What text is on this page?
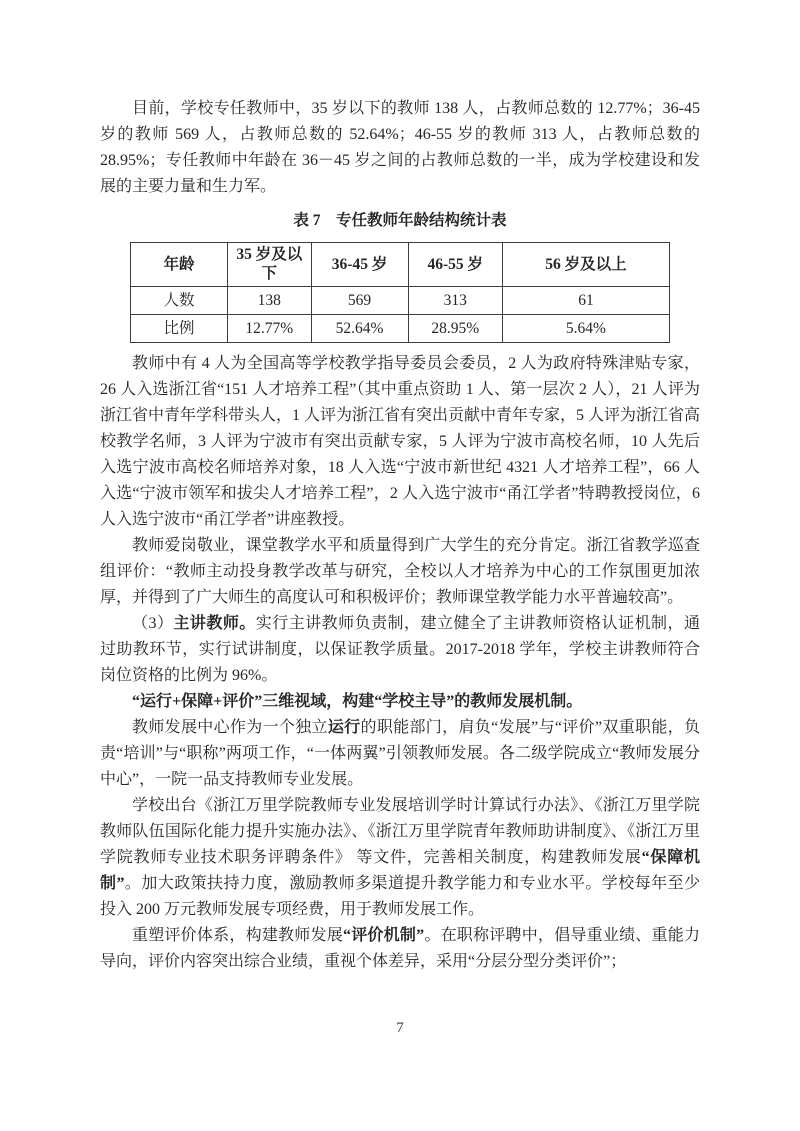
目前，学校专任教师中，35 岁以下的教师 138 人，占教师总数的 12.77%；36-45 岁的教师 569 人，占教师总数的 52.64%；46-55 岁的教师 313 人，占教师总数的 28.95%；专任教师中年龄在 36－45 岁之间的占教师总数的一半，成为学校建设和发展的主要力量和生力军。

表 7　专任教师年龄结构统计表
年龄	35 岁及以下	36-45 岁	46-55 岁	56 岁及以上
人数	138	569	313	61
比例	12.77%	52.64%	28.95%	5.64%

教师中有 4 人为全国高等学校教学指导委员会委员，2 人为政府特殊津贴专家，26 人入选浙江省“151 人才培养工程”（其中重点资助 1 人、第一层次 2 人），21 人评为浙江省中青年学科带头人，1 人评为浙江省有突出贡献中青年专家，5 人评为浙江省高校教学名师，3 人评为宁波市有突出贡献专家，5 人评为宁波市高校名师，10 人先后入选宁波市高校名师培养对象，18 人入选“宁波市新世纪 4321 人才培养工程”，66 人入选“宁波市领军和拔尖人才培养工程”，2 人入选宁波市“甬江学者”特聘教授岗位，6 人入选宁波市“甬江学者”讲座教授。

教师爱岗敬业，课堂教学水平和质量得到广大学生的充分肯定。浙江省教学巡查组评价：“教师主动投身教学改革与研究，全校以人才培养为中心的工作氛围更加浓厚，并得到了广大师生的高度认可和积极评价；教师课堂教学能力水平普遍较高”。

（3）主讲教师。实行主讲教师负责制，建立健全了主讲教师资格认证机制，通过助教环节，实行试讲制度，以保证教学质量。2017-2018 学年，学校主讲教师符合岗位资格的比例为 96%。

“运行+保障+评价”三维视域，构建“学校主导”的教师发展机制。

教师发展中心作为一个独立运行的职能部门，肩负“发展”与“评价”双重职能，负责“培训”与“职称”两项工作，“一体两翼”引领教师发展。各二级学院成立“教师发展分中心”，一院一品支持教师专业发展。

学校出台《浙江万里学院教师专业发展培训学时计算试行办法》、《浙江万里学院教师队伍国际化能力提升实施办法》、《浙江万里学院青年教师助讲制度》、《浙江万里学院教师专业技术职务评聘条件》 等文件，完善相关制度，构建教师发展“保障机制”。加大政策扶持力度，激励教师多渠道提升教学能力和专业水平。学校每年至少投入 200 万元教师发展专项经费，用于教师发展工作。

重塑评价体系，构建教师发展“评价机制”。在职称评聘中，倡导重业绩、重能力导向，评价内容突出综合业绩，重视个体差异，采用“分层分型分类评价”；

7
